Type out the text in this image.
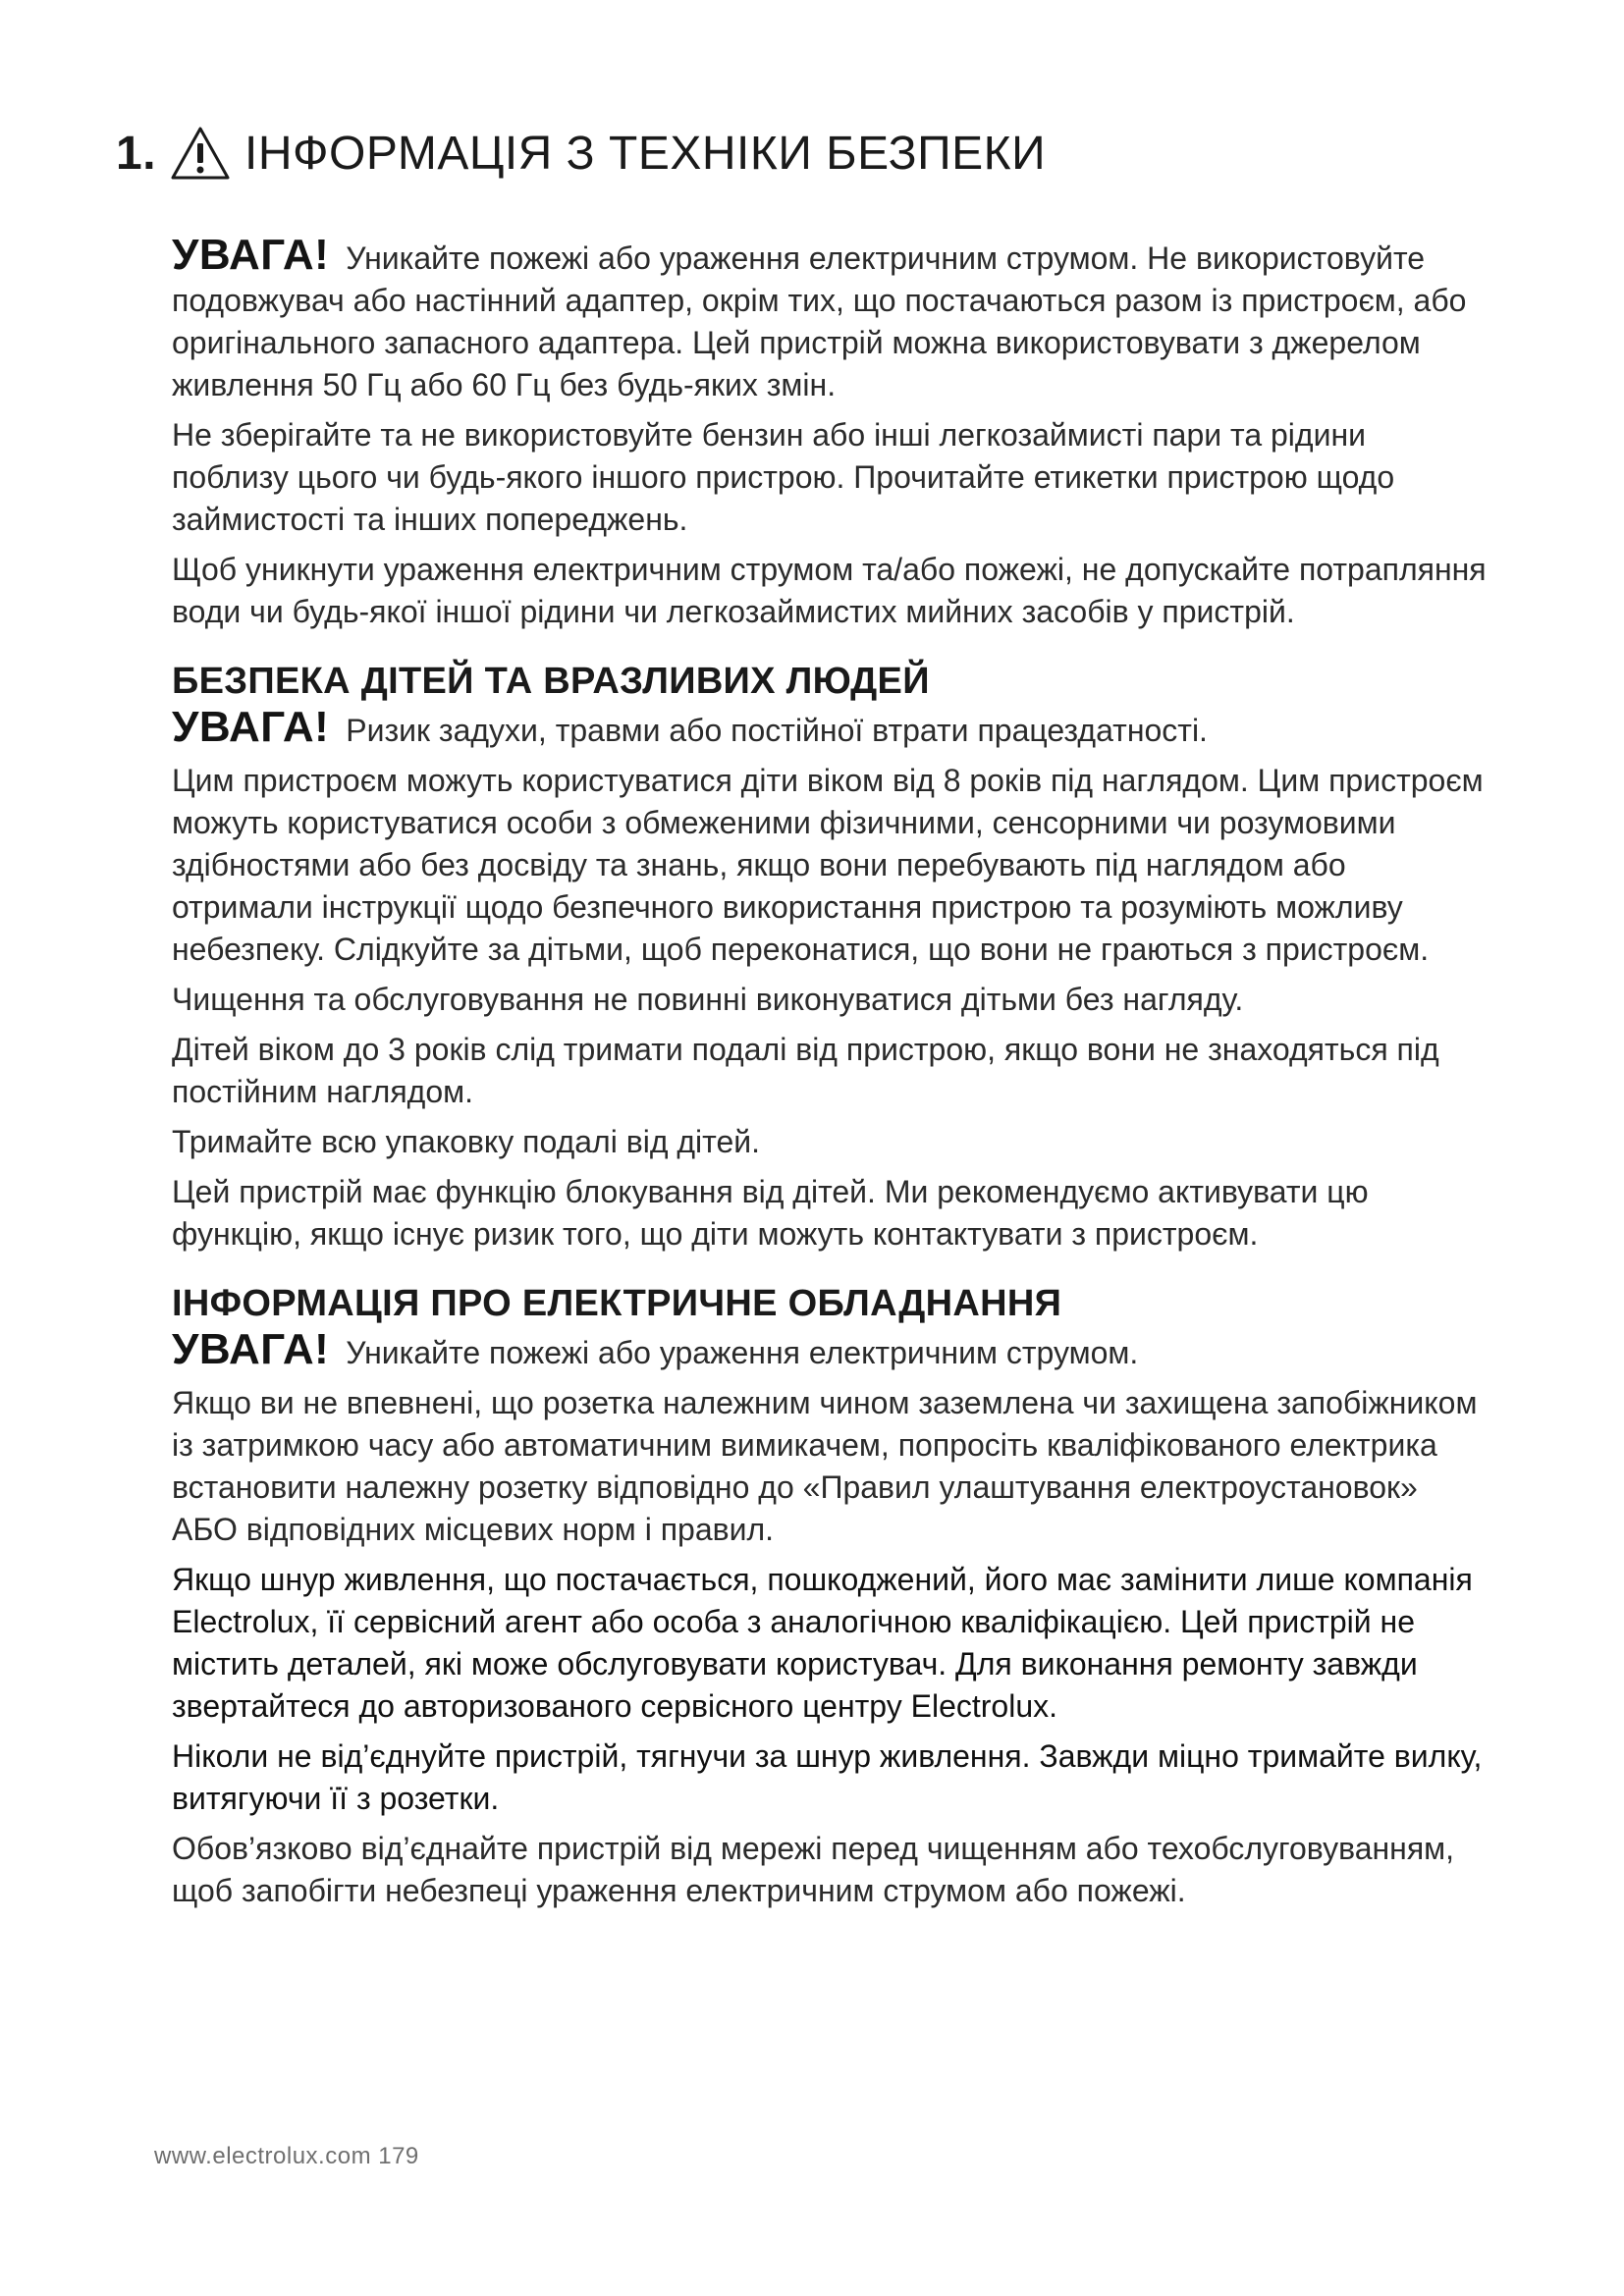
1. ІНФОРМАЦІЯ З ТЕХНІКИ БЕЗПЕКИ

УВАГА! Уникайте пожежі або ураження електричним струмом. Не використовуйте подовжувач або настінний адаптер, окрім тих, що постачаються разом із пристроєм, або оригінального запасного адаптера. Цей пристрій можна використовувати з джерелом живлення 50 Гц або 60 Гц без будь-яких змін.

Не зберігайте та не використовуйте бензин або інші легкозаймисті пари та рідини поблизу цього чи будь-якого іншого пристрою. Прочитайте етикетки пристрою щодо займистості та інших попереджень.

Щоб уникнути ураження електричним струмом та/або пожежі, не допускайте потрапляння води чи будь-якої іншої рідини чи легкозаймистих мийних засобів у пристрій.

БЕЗПЕКА ДІТЕЙ ТА ВРАЗЛИВИХ ЛЮДЕЙ

УВАГА! Ризик задухи, травми або постійної втрати працездатності.

Цим пристроєм можуть користуватися діти віком від 8 років під наглядом. Цим пристроєм можуть користуватися особи з обмеженими фізичними, сенсорними чи розумовими здібностями або без досвіду та знань, якщо вони перебувають під наглядом або отримали інструкції щодо безпечного використання пристрою та розуміють можливу небезпеку. Слідкуйте за дітьми, щоб переконатися, що вони не граються з пристроєм.

Чищення та обслуговування не повинні виконуватися дітьми без нагляду.

Дітей віком до 3 років слід тримати подалі від пристрою, якщо вони не знаходяться під постійним наглядом.

Тримайте всю упаковку подалі від дітей.

Цей пристрій має функцію блокування від дітей. Ми рекомендуємо активувати цю функцію, якщо існує ризик того, що діти можуть контактувати з пристроєм.

ІНФОРМАЦІЯ ПРО ЕЛЕКТРИЧНЕ ОБЛАДНАННЯ

УВАГА! Уникайте пожежі або ураження електричним струмом.

Якщо ви не впевнені, що розетка належним чином заземлена чи захищена запобіжником із затримкою часу або автоматичним вимикачем, попросіть кваліфікованого електрика встановити належну розетку відповідно до «Правил улаштування електроустановок» АБО відповідних місцевих норм і правил.

Якщо шнур живлення, що постачається, пошкоджений, його має замінити лише компанія Electrolux, її сервісний агент або особа з аналогічною кваліфікацією. Цей пристрій не містить деталей, які може обслуговувати користувач. Для виконання ремонту завжди звертайтеся до авторизованого сервісного центру Electrolux.

Ніколи не від’єднуйте пристрій, тягнучи за шнур живлення. Завжди міцно тримайте вилку, витягуючи її з розетки.

Обов’язково від’єднайте пристрій від мережі перед чищенням або техобслуговуванням, щоб запобігти небезпеці ураження електричним струмом або пожежі.

www.electrolux.com 179
